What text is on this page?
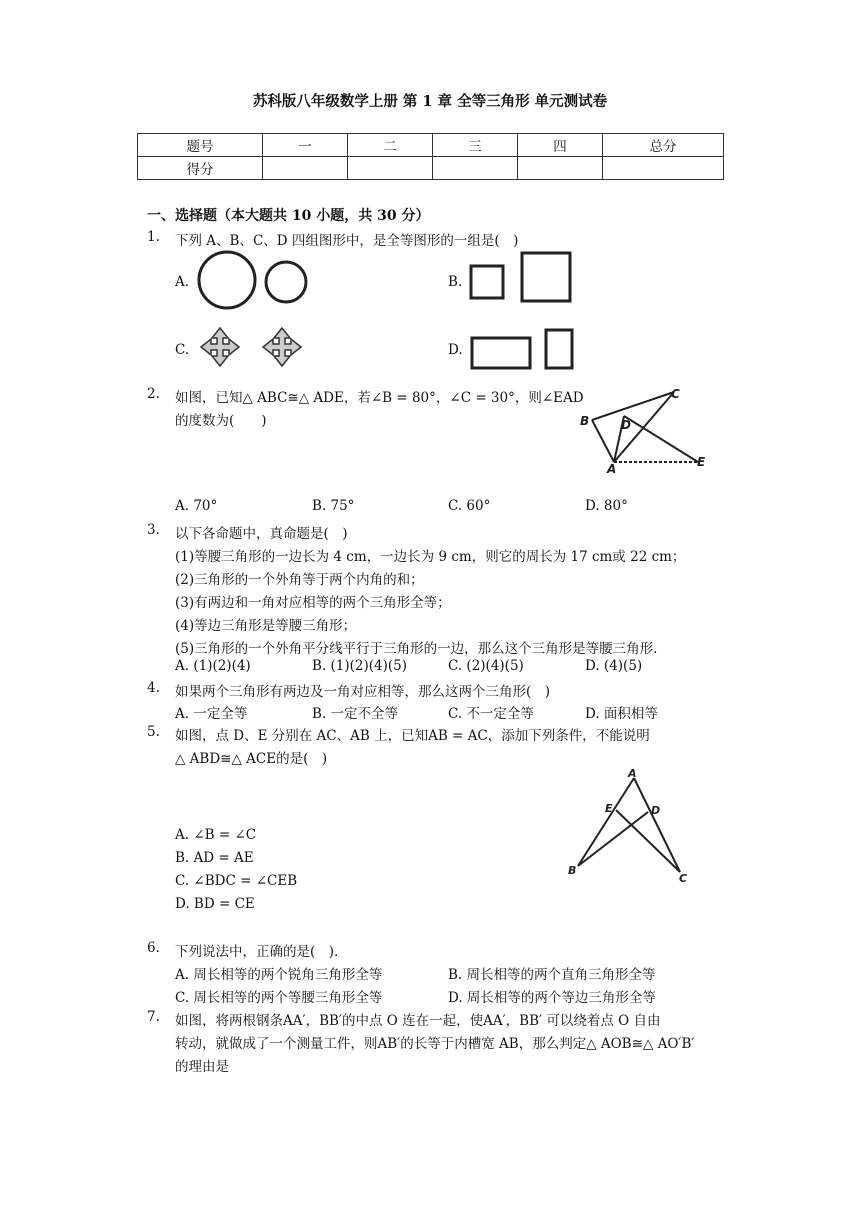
苏科版八年级数学上册 第 1 章 全等三角形 单元测试卷
题号	一	二	三	四	总分
得分					
一、选择题（本大题共 10 小题，共 30 分）
1. 下列 A、B、C、D 四组图形中，是全等图形的一组是(　)
A.	B.
C.	D.
2. 如图，已知△ ABC≅△ ADE，若∠B = 80°，∠C = 30°，则∠EAD
的度数为(　　)	B
C
D
A	E
A. 70°	B. 75°	C. 60°	D. 80°
3. 以下各命题中，真命题是(　)
(1)等腰三角形的一边长为 4 cm，一边长为 9 cm，则它的周长为 17 cm或 22 cm；
(2)三角形的一个外角等于两个内角的和；
(3)有两边和一角对应相等的两个三角形全等；
(4)等边三角形是等腰三角形；
(5)三角形的一个外角平分线平行于三角形的一边，那么这个三角形是等腰三角形.
A. (1)(2)(4)	B. (1)(2)(4)(5)	C. (2)(4)(5)	D. (4)(5)
4. 如果两个三角形有两边及一角对应相等，那么这两个三角形(　)
A. 一定全等	B. 一定不全等	C. 不一定全等	D. 面积相等
5. 如图，点 D、E 分别在 AC、AB 上，已知AB = AC，添加下列条件，不能说明
△ ABD≅△ ACE的是(　)
A
E	D
B
C
A. ∠B = ∠C
B. AD = AE
C. ∠BDC = ∠CEB
D. BD = CE
6. 下列说法中，正确的是(　).
A. 周长相等的两个锐角三角形全等	B. 周长相等的两个直角三角形全等
C. 周长相等的两个等腰三角形全等	D. 周长相等的两个等边三角形全等
7. 如图，将两根钢条AA′，BB′的中点 O 连在一起，使AA′，BB′ 可以绕着点 O 自由
转动，就做成了一个测量工件，则AB′的长等于内槽宽 AB，那么判定△ AOB≅△ AO′B′
的理由是
